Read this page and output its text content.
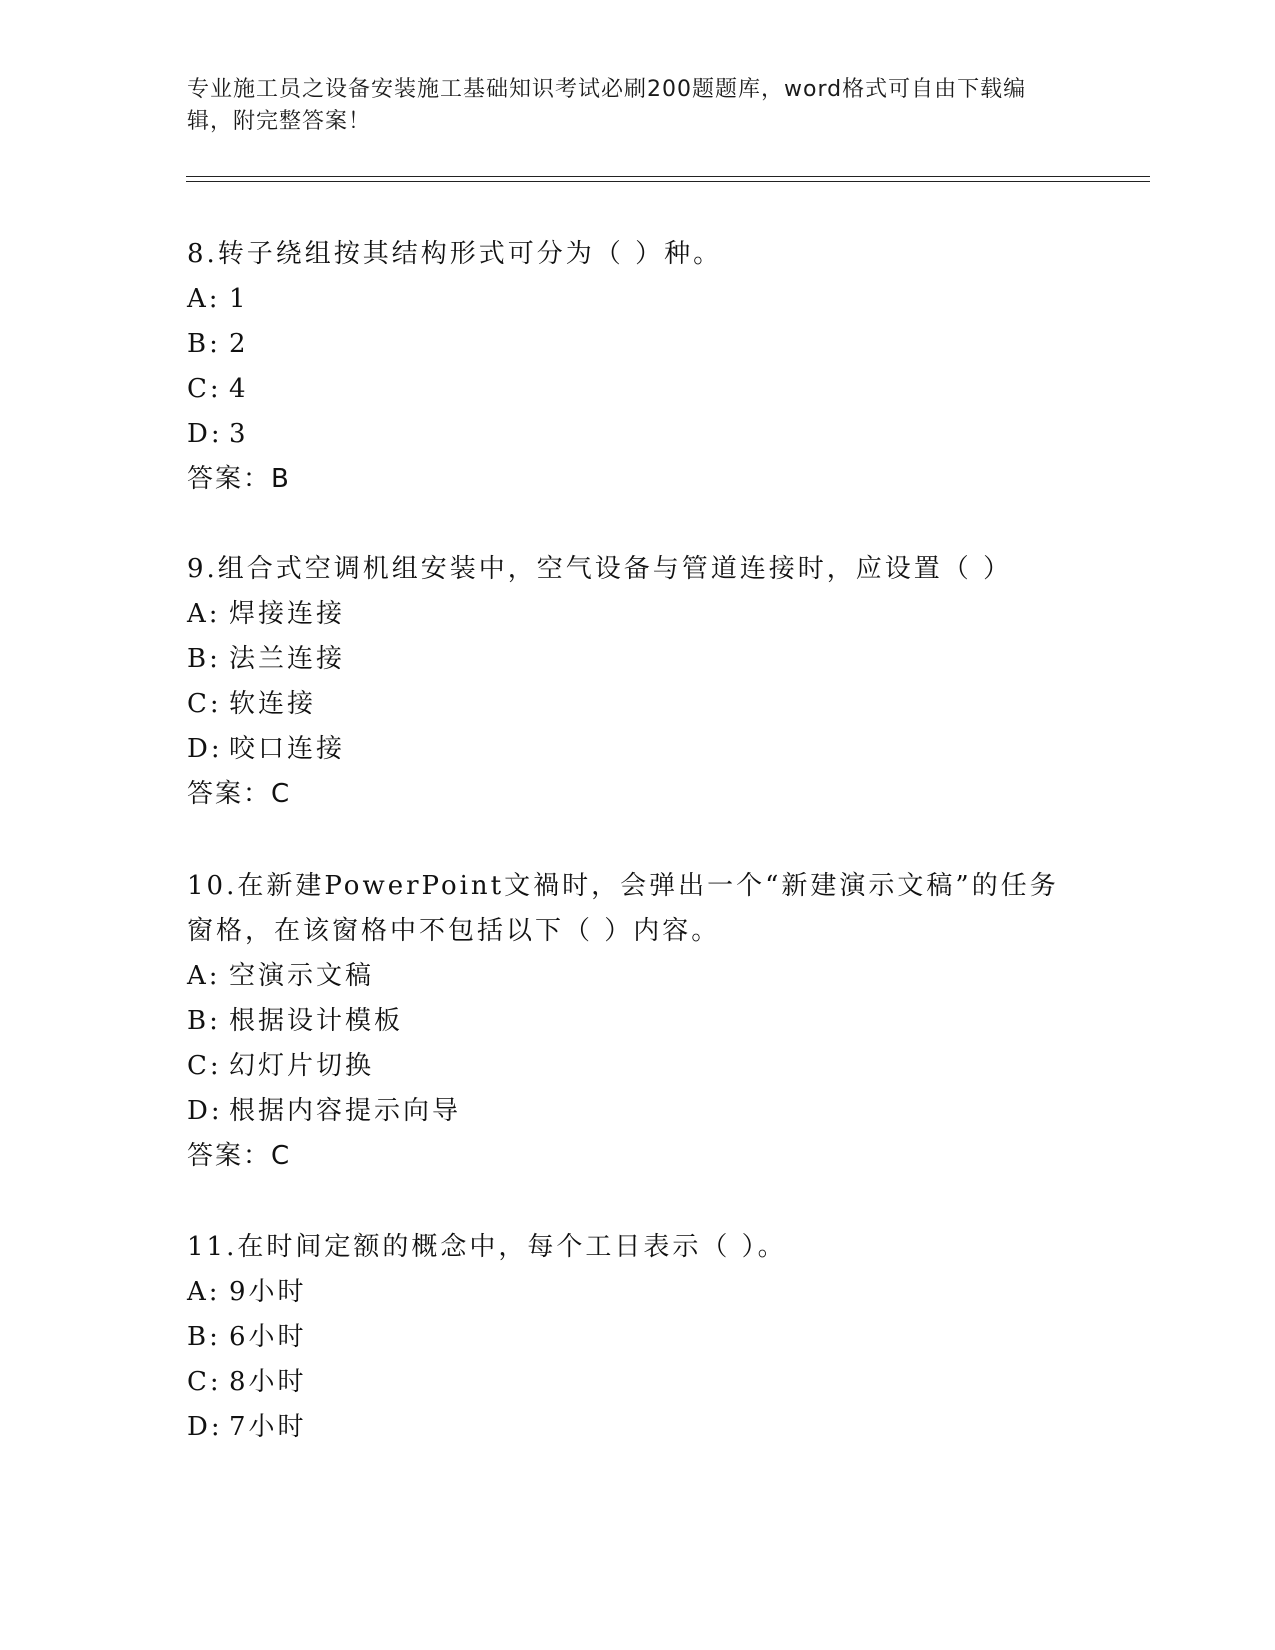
专业施工员之设备安装施工基础知识考试必刷200题题库，word格式可自由下载编辑，附完整答案！

8.转子绕组按其结构形式可分为（ ）种。

A: 1

B: 2

C: 4

D: 3

答案：B

9.组合式空调机组安装中，空气设备与管道连接时，应设置（ ）

A: 焊接连接

B: 法兰连接

C: 软连接

D: 咬口连接

答案：C

10.在新建PowerPoint文禍时，会弹出一个“新建演示文稿”的任务窗格，在该窗格中不包括以下（ ）内容。

A: 空演示文稿

B: 根据设计模板

C: 幻灯片切换

D: 根据内容提示向导

答案：C

11.在时间定额的概念中，每个工日表示（ ）。

A: 9小时

B: 6小时

C: 8小时

D: 7小时
